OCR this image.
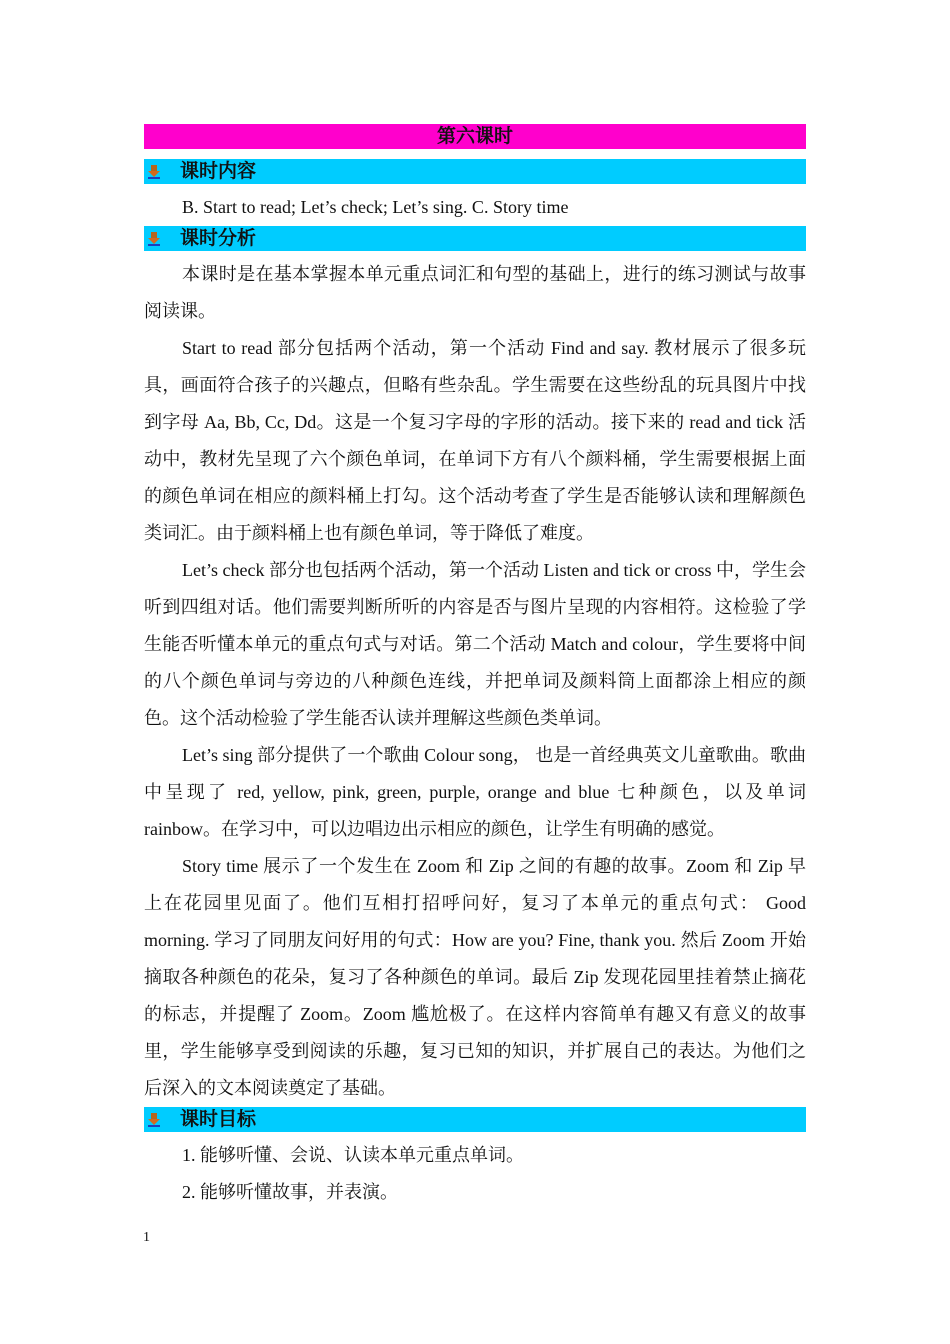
第六课时
课时内容
B. Start to read; Let’s check; Let’s sing. C. Story time
课时分析
本课时是在基本掌握本单元重点词汇和句型的基础上，进行的练习测试与故事阅读课。
Start to read 部分包括两个活动，第一个活动 Find and say. 教材展示了很多玩具，画面符合孩子的兴趣点，但略有些杂乱。学生需要在这些纷乱的玩具图片中找到字母 Aa, Bb, Cc, Dd。这是一个复习字母的字形的活动。接下来的 read and tick 活动中，教材先呈现了六个颜色单词，在单词下方有八个颜料桶，学生需要根据上面的颜色单词在相应的颜料桶上打勾。这个活动考查了学生是否能够认读和理解颜色类词汇。由于颜料桶上也有颜色单词，等于降低了难度。
Let’s check 部分也包括两个活动，第一个活动 Listen and tick or cross 中，学生会听到四组对话。他们需要判断所听的内容是否与图片呈现的内容相符。这检验了学生能否听懂本单元的重点句式与对话。第二个活动 Match and colour，学生要将中间的八个颜色单词与旁边的八种颜色连线，并把单词及颜料筒上面都涂上相应的颜色。这个活动检验了学生能否认读并理解这些颜色类单词。
Let’s sing 部分提供了一个歌曲 Colour song， 也是一首经典英文儿童歌曲。歌曲中呈现了 red, yellow, pink, green, purple, orange and blue 七种颜色，以及单词 rainbow。在学习中，可以边唱边出示相应的颜色，让学生有明确的感觉。
Story time 展示了一个发生在 Zoom 和 Zip 之间的有趣的故事。Zoom 和 Zip 早上在花园里见面了。他们互相打招呼问好，复习了本单元的重点句式： Good morning. 学习了同朋友问好用的句式：How are you? Fine, thank you. 然后 Zoom 开始摘取各种颜色的花朵，复习了各种颜色的单词。最后 Zip 发现花园里挂着禁止摘花的标志，并提醒了 Zoom。Zoom 尴尬极了。在这样内容简单有趣又有意义的故事里，学生能够享受到阅读的乐趣，复习已知的知识，并扩展自己的表达。为他们之后深入的文本阅读奠定了基础。
课时目标
1. 能够听懂、会说、认读本单元重点单词。
2. 能够听懂故事，并表演。
1
